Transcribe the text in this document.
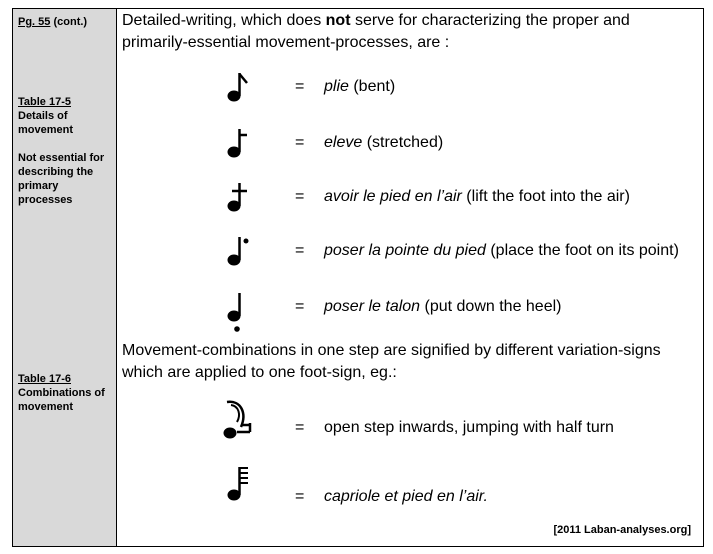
Pg. 55 (cont.)
Table 17-5
Details of movement
Not essential for describing the primary processes
Table 17-6
Combinations of movement
Detailed-writing, which does not serve for characterizing the proper and primarily-essential movement-processes, are :
= plie (bent)
= eleve (stretched)
= avoir le pied en l’air (lift the foot into the air)
= poser la pointe du pied (place the foot on its point)
= poser le talon (put down the heel)
Movement-combinations in one step are signified by different variation-signs which are applied to one foot-sign, eg.:
= open step inwards, jumping with half turn
= capriole et pied en l’air.
[2011 Laban-analyses.org]
